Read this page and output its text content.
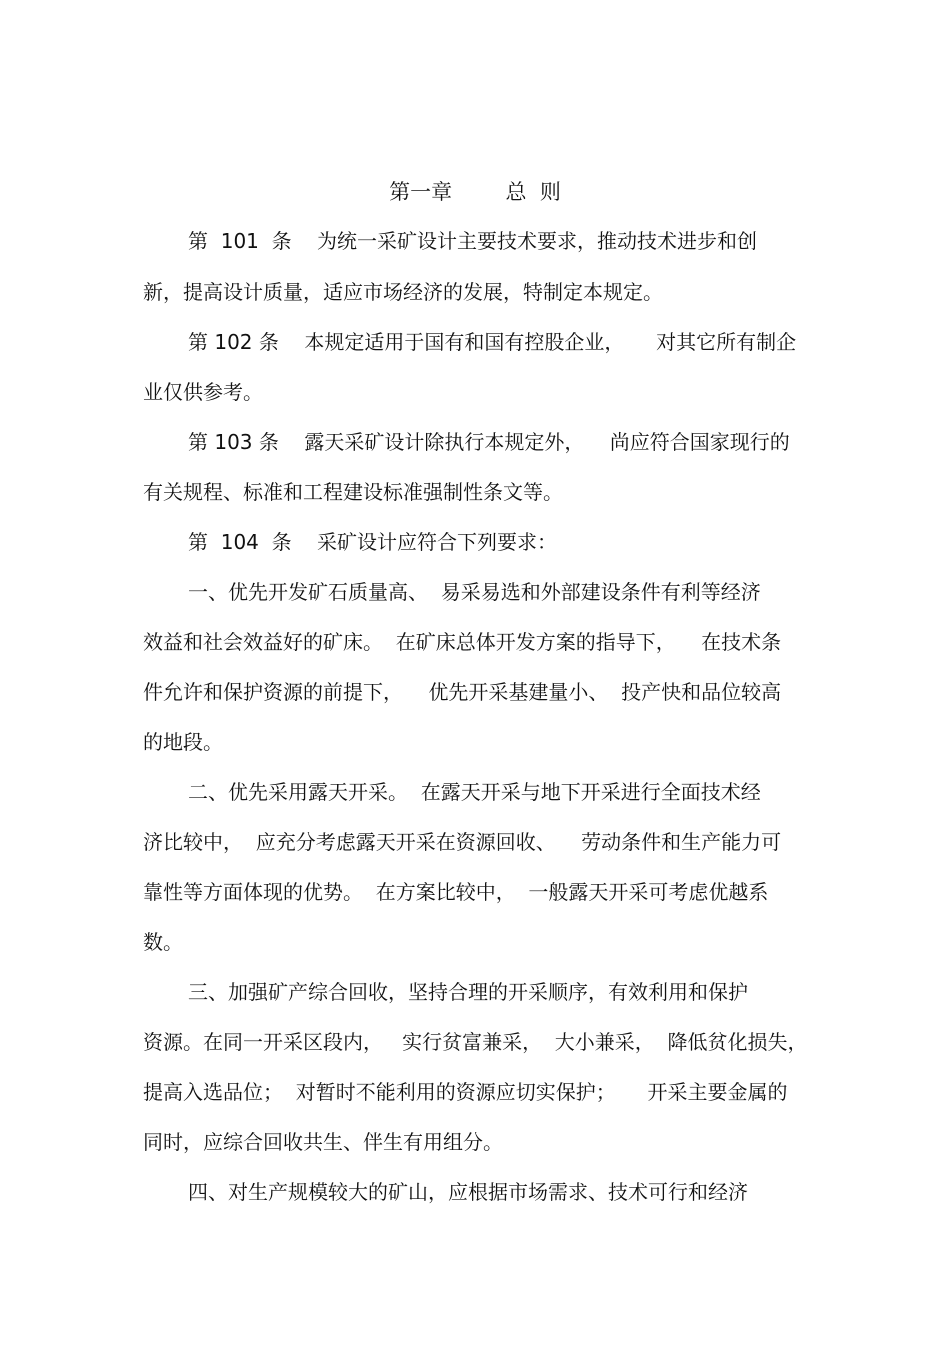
第一章        总  则
第  101  条    为统一采矿设计主要技术要求，推动技术进步和创
新，提高设计质量，适应市场经济的发展，特制定本规定。
第 102 条    本规定适用于国有和国有控股企业，     对其它所有制企
业仅供参考。
第 103 条    露天采矿设计除执行本规定外，    尚应符合国家现行的
有关规程、标准和工程建设标准强制性条文等。
第  104  条    采矿设计应符合下列要求：
一、优先开发矿石质量高、  易采易选和外部建设条件有利等经济
效益和社会效益好的矿床。  在矿床总体开发方案的指导下，    在技术条
件允许和保护资源的前提下，    优先开采基建量小、  投产快和品位较高
的地段。
二、优先采用露天开采。  在露天开采与地下开采进行全面技术经
济比较中，  应充分考虑露天开采在资源回收、    劳动条件和生产能力可
靠性等方面体现的优势。  在方案比较中，  一般露天开采可考虑优越系
数。
三、加强矿产综合回收，坚持合理的开采顺序，有效利用和保护
资源。在同一开采区段内，   实行贫富兼采，  大小兼采，  降低贫化损失，
提高入选品位；  对暂时不能利用的资源应切实保护；     开采主要金属的
同时，应综合回收共生、伴生有用组分。
四、对生产规模较大的矿山，应根据市场需求、技术可行和经济
